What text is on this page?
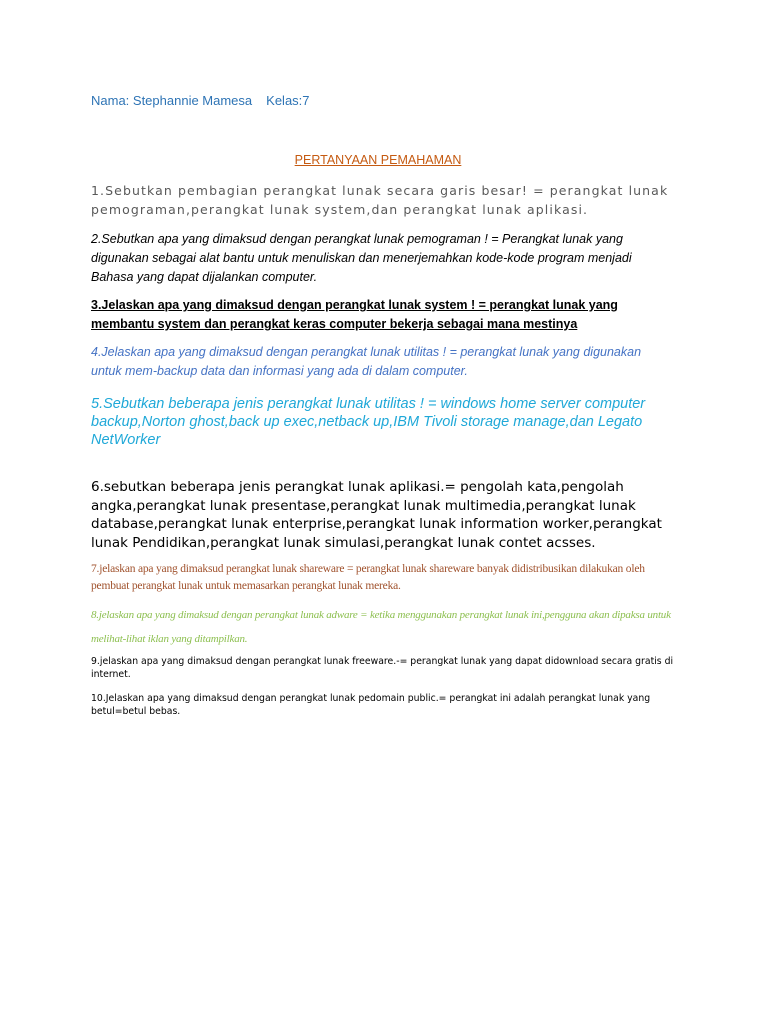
Nama: Stephannie Mamesa Kelas:7

PERTANYAAN PEMAHAMAN

1.Sebutkan pembagian perangkat lunak secara garis besar! = perangkat lunak pemograman,perangkat lunak system,dan perangkat lunak aplikasi.

2.Sebutkan apa yang dimaksud dengan perangkat lunak pemograman ! = Perangkat lunak yang digunakan sebagai alat bantu untuk menuliskan dan menerjemahkan kode-kode program menjadi Bahasa yang dapat dijalankan computer.

3.Jelaskan apa yang dimaksud dengan perangkat lunak system ! = perangkat lunak yang membantu system dan perangkat keras computer bekerja sebagai mana mestinya

4.Jelaskan apa yang dimaksud dengan perangkat lunak utilitas ! = perangkat lunak yang digunakan untuk mem-backup data dan informasi yang ada di dalam computer.

5.Sebutkan beberapa jenis perangkat lunak utilitas ! = windows home server computer backup,Norton ghost,back up exec,netback up,IBM Tivoli storage manage,dan Legato NetWorker

6.sebutkan beberapa jenis perangkat lunak aplikasi.= pengolah kata,pengolah angka,perangkat lunak presentase,perangkat lunak multimedia,perangkat lunak database,perangkat lunak enterprise,perangkat lunak information worker,perangkat lunak Pendidikan,perangkat lunak simulasi,perangkat lunak contet acsses.

7.jelaskan apa yang dimaksud perangkat lunak shareware = perangkat lunak shareware banyak didistribusikan dilakukan oleh pembuat perangkat lunak untuk memasarkan perangkat lunak mereka.

8.jelaskan apa yang dimaksud dengan perangkat lunak adware = ketika menggunakan perangkat lunak ini,pengguna akan dipaksa untuk melihat-lihat iklan yang ditampilkan.

9.jelaskan apa yang dimaksud dengan perangkat lunak freeware.-= perangkat lunak yang dapat didownload secara gratis di internet.

10.Jelaskan apa yang dimaksud dengan perangkat lunak pedomain public.= perangkat ini adalah perangkat lunak yang betul=betul bebas.
